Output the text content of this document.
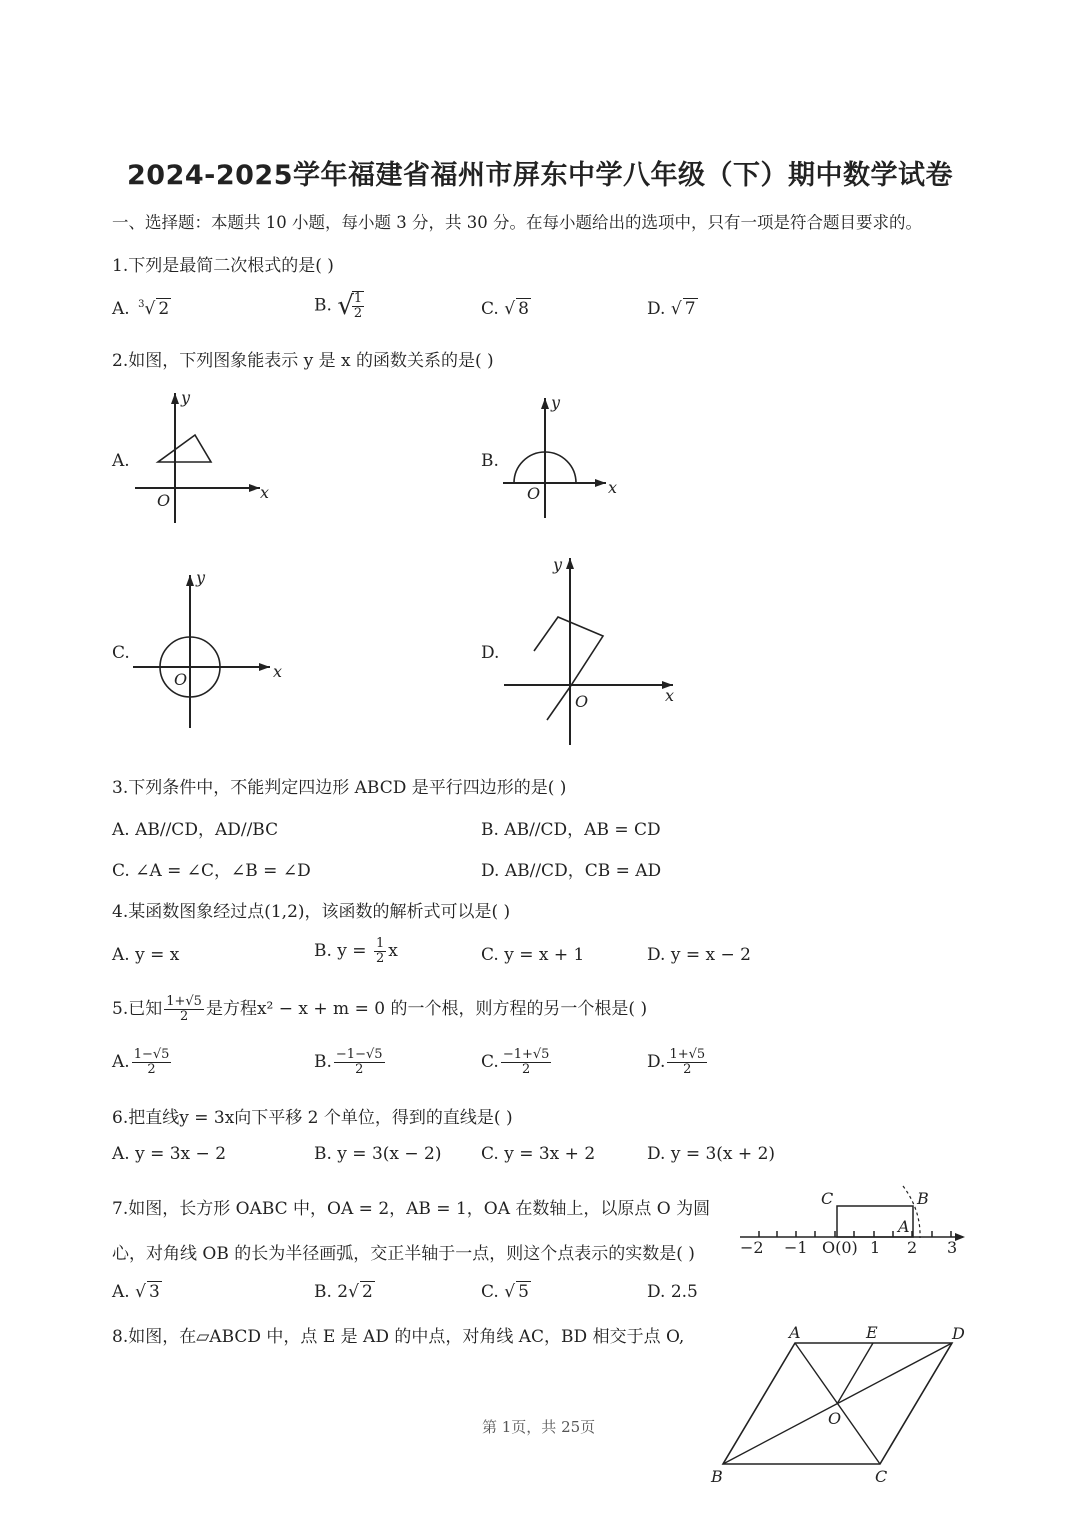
2024-2025学年福建省福州市屏东中学八年级（下）期中数学试卷
一、选择题：本题共 10 小题，每小题 3 分，共 30 分。在每小题给出的选项中，只有一项是符合题目要求的。
1.下列是最简二次根式的是( )
A. $^3$√ 2	B. √
$\frac{1}{2}$	C. √ 8	D. √ 7
2.如图，下列图象能表示 y 是 x 的函数关系的是( )
A.
x
y
O
B.
x
y
O
C.
x
y
O
D.
x
y
O
3.下列条件中，不能判定四边形 ABCD 是平行四边形的是( )
A. AB//CD，AD//BC	B. AB//CD，AB = CD
C. ∠A = ∠C，∠B = ∠D	D. AB//CD，CB = AD
4.某函数图象经过点(1,2)，该函数的解析式可以是( )
A. y = x	B. $y = \frac{1}{2}$ x	C. y = x + 1	D. y = x − 2
5.已知 $\frac{1+√5}{2}$ 是方程x² − x + m = 0 的一个根，则方程的另一个根是( )
A. $\frac{1-√5}{2}$	B. $\frac{-1-√5}{2}$	C. $\frac{-1+√5}{2}$	D. $\frac{1+√5}{2}$
6.把直线y = 3x向下平移 2 个单位，得到的直线是( )
A. y = 3x − 2	B. y = 3(x − 2) C. y = 3x + 2	D. y = 3(x + 2)
7.如图，长方形 OABC 中，OA = 2，AB = 1，OA 在数轴上，以原点 O 为圆
心，对角线 OB 的长为半径画弧，交正半轴于一点，则这个点表示的实数是( )	−2 −1 O(0) 1 2 3
C	B
A
A. √ 3	B. 2√ 2	C. √ 5	D. 2.5
8.如图，在▱ABCD 中，点 E 是 AD 的中点，对角线 AC，BD 相交于点 O,	A	E	D
O
B	C
第 1页，共 25页
